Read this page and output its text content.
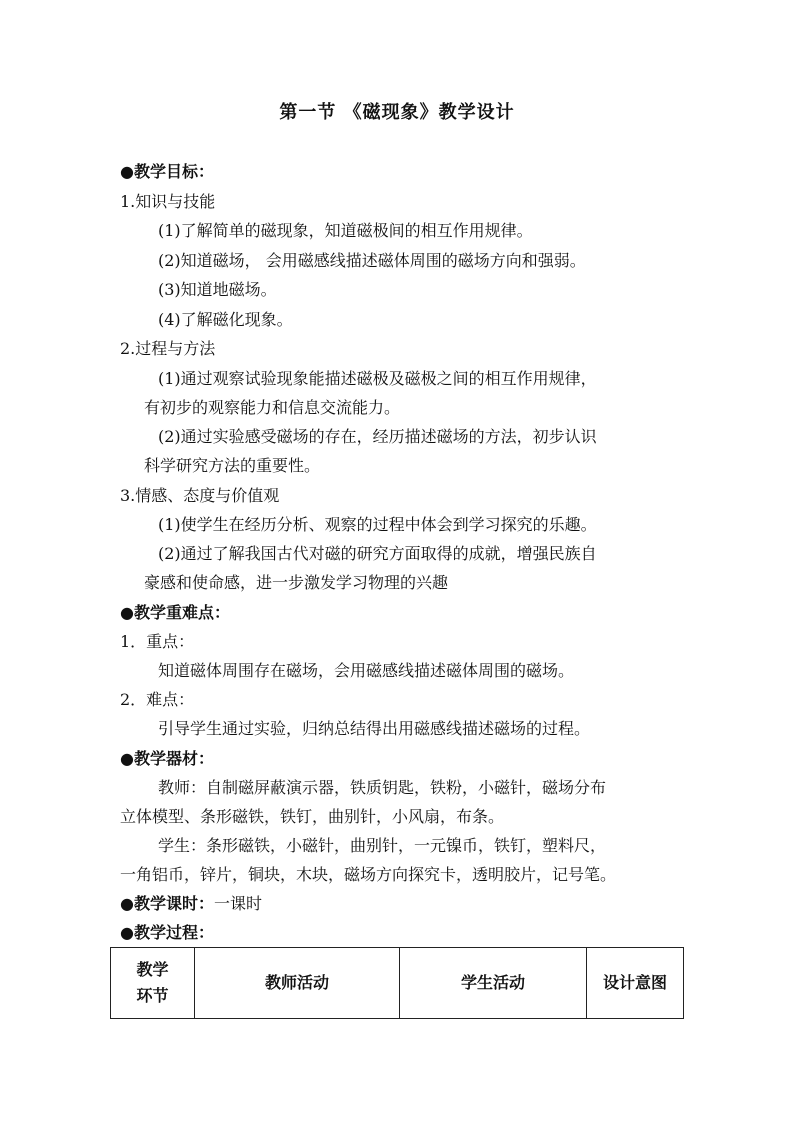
第一节 《磁现象》教学设计
●教学目标：
1.知识与技能
(1)了解简单的磁现象，知道磁极间的相互作用规律。
(2)知道磁场， 会用磁感线描述磁体周围的磁场方向和强弱。
(3)知道地磁场。
(4)了解磁化现象。
2.过程与方法
(1)通过观察试验现象能描述磁极及磁极之间的相互作用规律，
有初步的观察能力和信息交流能力。
(2)通过实验感受磁场的存在，经历描述磁场的方法，初步认识
科学研究方法的重要性。
3.情感、态度与价值观
(1)使学生在经历分析、观察的过程中体会到学习探究的乐趣。
(2)通过了解我国古代对磁的研究方面取得的成就，增强民族自
豪感和使命感，进一步激发学习物理的兴趣
●教学重难点：
1．重点：
知道磁体周围存在磁场，会用磁感线描述磁体周围的磁场。
2．难点：
引导学生通过实验，归纳总结得出用磁感线描述磁场的过程。
●教学器材：
教师：自制磁屏蔽演示器，铁质钥匙，铁粉，小磁针，磁场分布
立体模型、条形磁铁，铁钉，曲别针，小风扇，布条。
学生：条形磁铁，小磁针，曲别针，一元镍币，铁钉，塑料尺，
一角铝币，锌片，铜块，木块，磁场方向探究卡，透明胶片，记号笔。
●教学课时：一课时
●教学过程：
教学
环节
	教师活动	学生活动	设计意图
